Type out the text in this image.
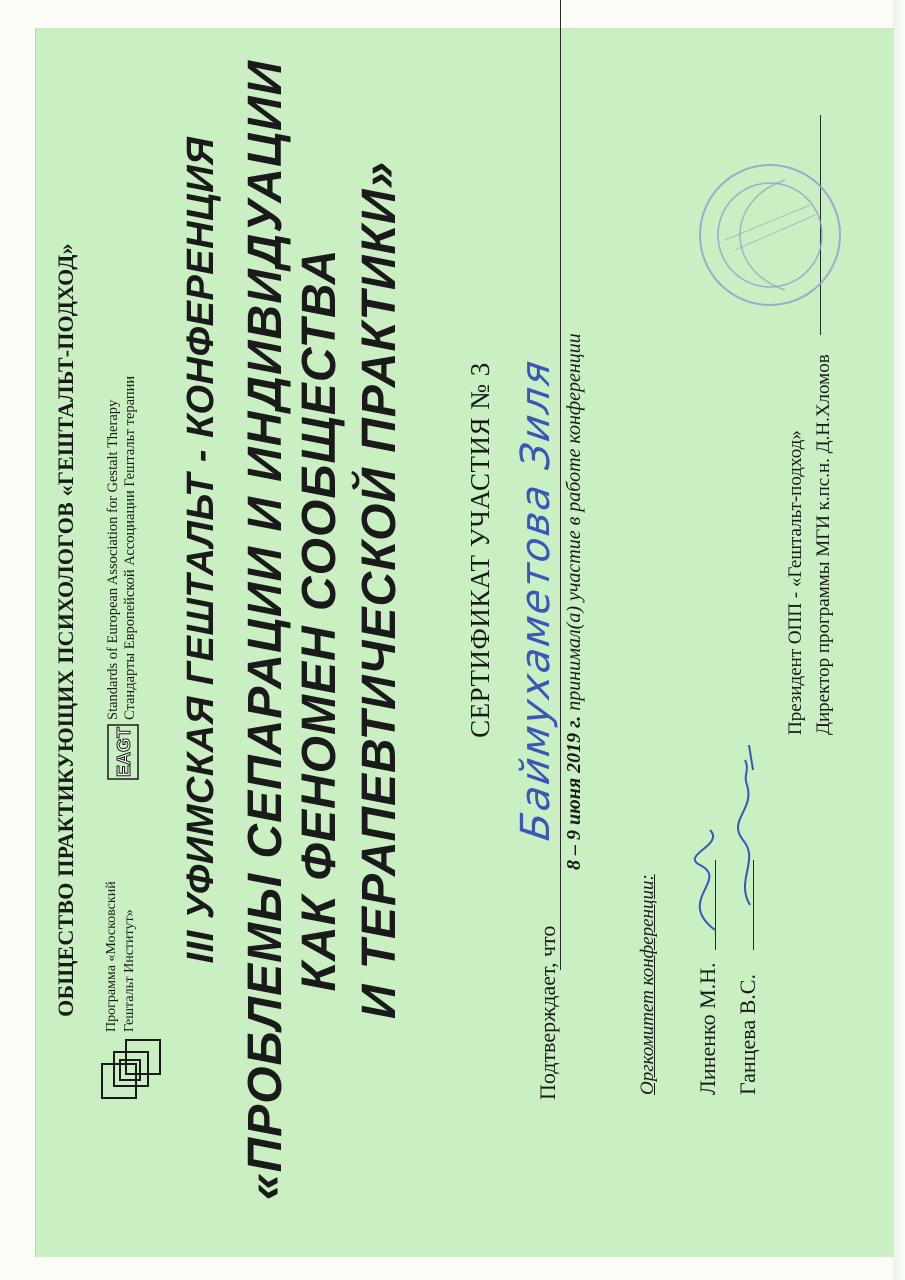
ОБЩЕСТВО ПРАКТИКУЮЩИХ ПСИХОЛОГОВ «ГЕШТАЛЬТ-ПОДХОД» Программа «Московский Гештальт Институт»
EAGT
Standards of European Association for Gestalt Therapy Стандарты Европейской Ассоциации Гештальт терапии III УФИМСКАЯ ГЕШТАЛЬТ - КОНФЕРЕНЦИЯ «ПРОБЛЕМЫ СЕПАРАЦИИ И ИНДИВИДУАЦИИ КАК ФЕНОМЕН СООБЩЕСТВА И ТЕРАПЕВТИЧЕСКОЙ ПРАКТИКИ» СЕРТИФИКАТ УЧАСТИЯ № 3
Подтверждает, что
Баймухаметова Зиля 8 – 9 июня 2019 г. принимал(а) участие в работе конференции
Оргкомитет конференции: Линенко М.Н. Ганцева В.С.
Президент ОПП - «Гештальт-подход» Директор программы МГИ к.пс.н. Д.Н.Хломов
